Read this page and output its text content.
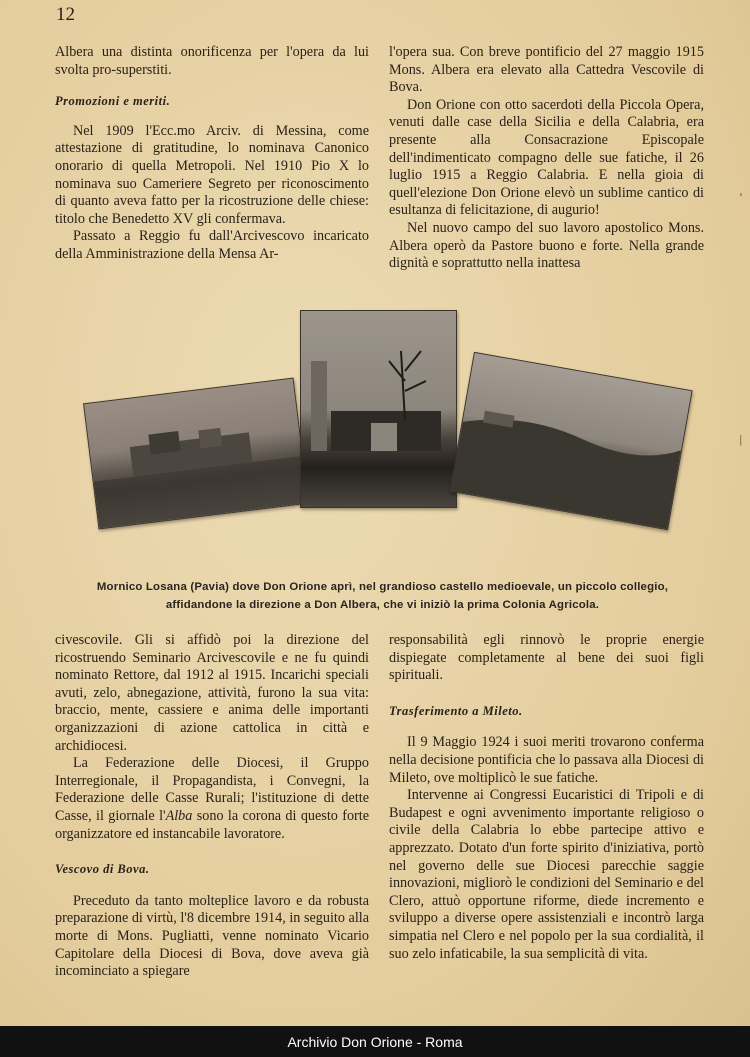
12

Albera una distinta onorificenza per l'opera da lui svolta pro-superstiti.

Promozioni e meriti.

Nel 1909 l'Ecc.mo Arciv. di Messina, come attestazione di gratitudine, lo nominava Canonico onorario di quella Metropoli. Nel 1910 Pio X lo nominava suo Cameriere Segreto per riconoscimento di quanto aveva fatto per la ricostruzione delle chiese: titolo che Benedetto XV gli confermava.

Passato a Reggio fu dall'Arcivescovo incaricato della Amministrazione della Mensa Ar-

l'opera sua. Con breve pontificio del 27 maggio 1915 Mons. Albera era elevato alla Cattedra Vescovile di Bova.

Don Orione con otto sacerdoti della Piccola Opera, venuti dalle case della Sicilia e della Calabria, era presente alla Consacrazione Episcopale dell'indimenticato compagno delle sue fatiche, il 26 luglio 1915 a Reggio Calabria. E nella gioia di quell'elezione Don Orione elevò un sublime cantico di esultanza di felicitazione, di augurio!

Nel nuovo campo del suo lavoro apostolico Mons. Albera operò da Pastore buono e forte. Nella grande dignità e soprattutto nella inattesa

Mornico Losana (Pavia) dove Don Orione aprì, nel grandioso castello medioevale, un piccolo collegio,
affidandone la direzione a Don Albera, che vi iniziò la prima Colonia Agricola.

civescovile. Gli si affidò poi la direzione del ricostruendo Seminario Arcivescovile e ne fu quindi nominato Rettore, dal 1912 al 1915. Incarichi speciali avuti, zelo, abnegazione, attività, furono la sua vita: braccio, mente, cassiere e anima delle importanti organizzazioni di azione cattolica in città e archidiocesi.

La Federazione delle Diocesi, il Gruppo Interregionale, il Propagandista, i Convegni, la Federazione delle Casse Rurali; l'istituzione di dette Casse, il giornale l'Alba sono la corona di questo forte organizzatore ed instancabile lavoratore.

Vescovo di Bova.

Preceduto da tanto molteplice lavoro e da robusta preparazione di virtù, l'8 dicembre 1914, in seguito alla morte di Mons. Pugliatti, venne nominato Vicario Capitolare della Diocesi di Bova, dove aveva già incominciato a spiegare

responsabilità egli rinnovò le proprie energie dispiegate completamente al bene dei suoi figli spirituali.

Trasferimento a Mileto.

Il 9 Maggio 1924 i suoi meriti trovarono conferma nella decisione pontificia che lo passava alla Diocesi di Mileto, ove moltiplicò le sue fatiche.

Intervenne ai Congressi Eucaristici di Tripoli e di Budapest e ogni avvenimento importante religioso o civile della Calabria lo ebbe partecipe attivo e apprezzato. Dotato d'un forte spirito d'iniziativa, portò nel governo delle sue Diocesi parecchie saggie innovazioni, migliorò le condizioni del Seminario e del Clero, attuò opportune riforme, diede incremento e sviluppo a diverse opere assistenziali e incontrò larga simpatia nel Clero e nel popolo per la sua cordialità, il suo zelo infaticabile, la sua semplicità di vita.

'
|
Archivio Don Orione - Roma
